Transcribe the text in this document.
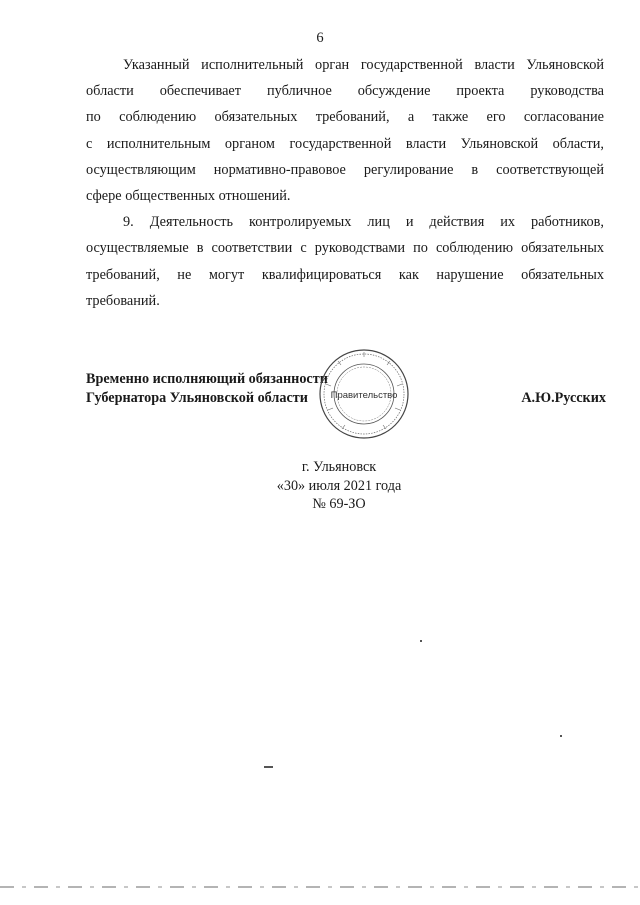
6
Указанный исполнительный орган государственной власти Ульяновской
области обеспечивает публичное обсуждение проекта руководства
по соблюдению обязательных требований, а также его согласование
с исполнительным органом государственной власти Ульяновской области,
осуществляющим нормативно-правовое регулирование в соответствующей
сфере общественных отношений.
9. Деятельность контролируемых лиц и действия их работников,
осуществляемые в соответствии с руководствами по соблюдению обязательных
требований, не могут квалифицироваться как нарушение обязательных
требований.
Временно исполняющий обязанности
Губернатора Ульяновской области	Правительство	А.Ю.Русских
г. Ульяновск
«30» июля 2021 года
№ 69-ЗО
